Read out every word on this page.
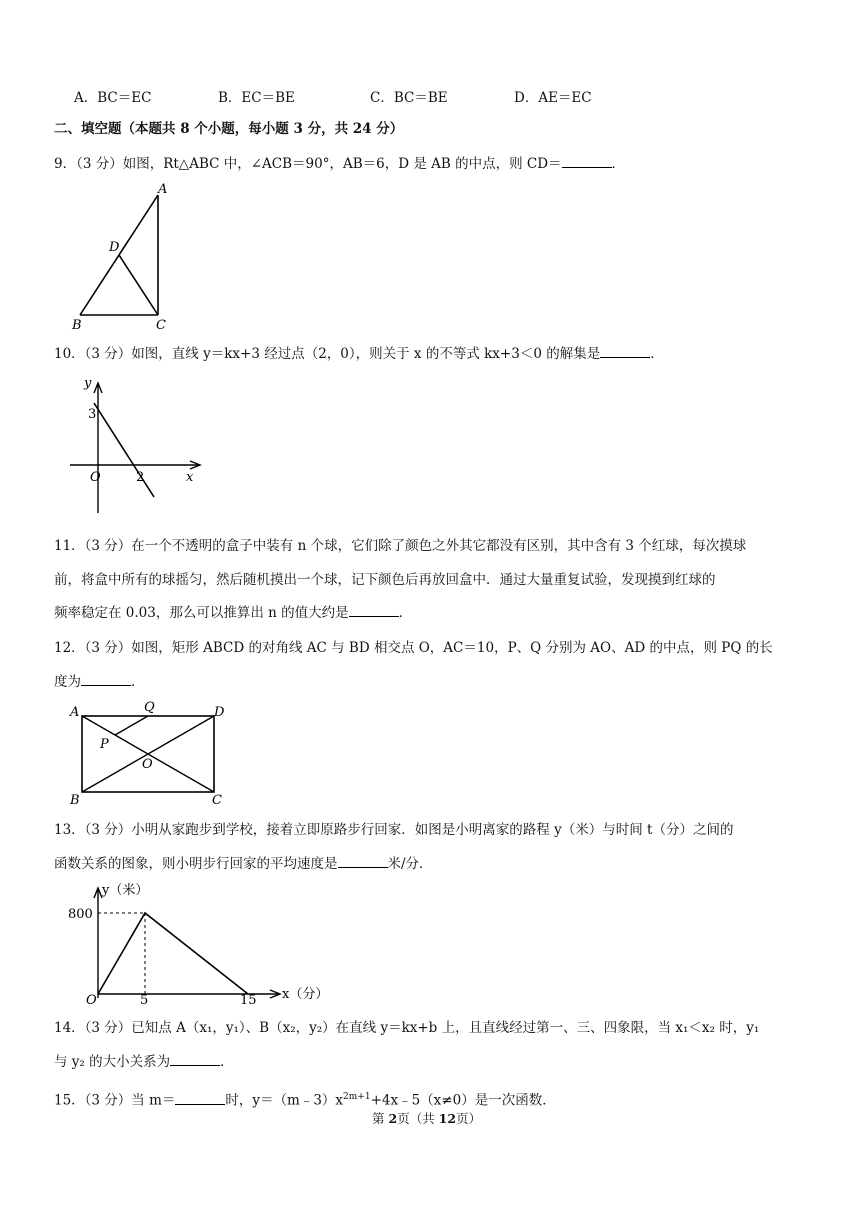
A．BC＝EC	B．EC＝BE	C．BC＝BE	D．AE＝EC
二、填空题（本题共 8 个小题，每小题 3 分，共 24 分）
9．（3 分）如图，Rt△ABC 中，∠ACB＝90°，AB＝6，D 是 AB 的中点，则 CD＝	．
A
D
B	C
10．（3 分）如图，直线 y＝kx+3 经过点（2，0），则关于 x 的不等式 kx+3＜0 的解集是	．
y
3
O	2	x
11．（3 分）在一个不透明的盒子中装有 n 个球，它们除了颜色之外其它都没有区别，其中含有 3 个红球，每次摸球
前，将盒中所有的球摇匀，然后随机摸出一个球，记下颜色后再放回盒中．通过大量重复试验，发现摸到红球的
频率稳定在 0.03，那么可以推算出 n 的值大约是	．
12．（3 分）如图，矩形 ABCD 的对角线 AC 与 BD 相交点 O，AC＝10，P、Q 分别为 AO、AD 的中点，则 PQ 的长
度为	．
A	Q	D
P
O
B	C
13．（3 分）小明从家跑步到学校，接着立即原路步行回家．如图是小明离家的路程 y（米）与时间 t（分）之间的
函数关系的图象，则小明步行回家的平均速度是	米/分．
y（米）
800
O	5	15 x（分）
14．（3 分）已知点 A（x₁，y₁）、B（x₂，y₂）在直线 y＝kx+b 上，且直线经过第一、三、四象限，当 x₁＜x₂ 时，y₁
与 y₂ 的大小关系为	．
15．（3 分）当 m＝	时，$y=(m﹣3)x^{2m+1}+4x﹣5(x\ne 0)$是一次函数．
第 2页（共 12页）
